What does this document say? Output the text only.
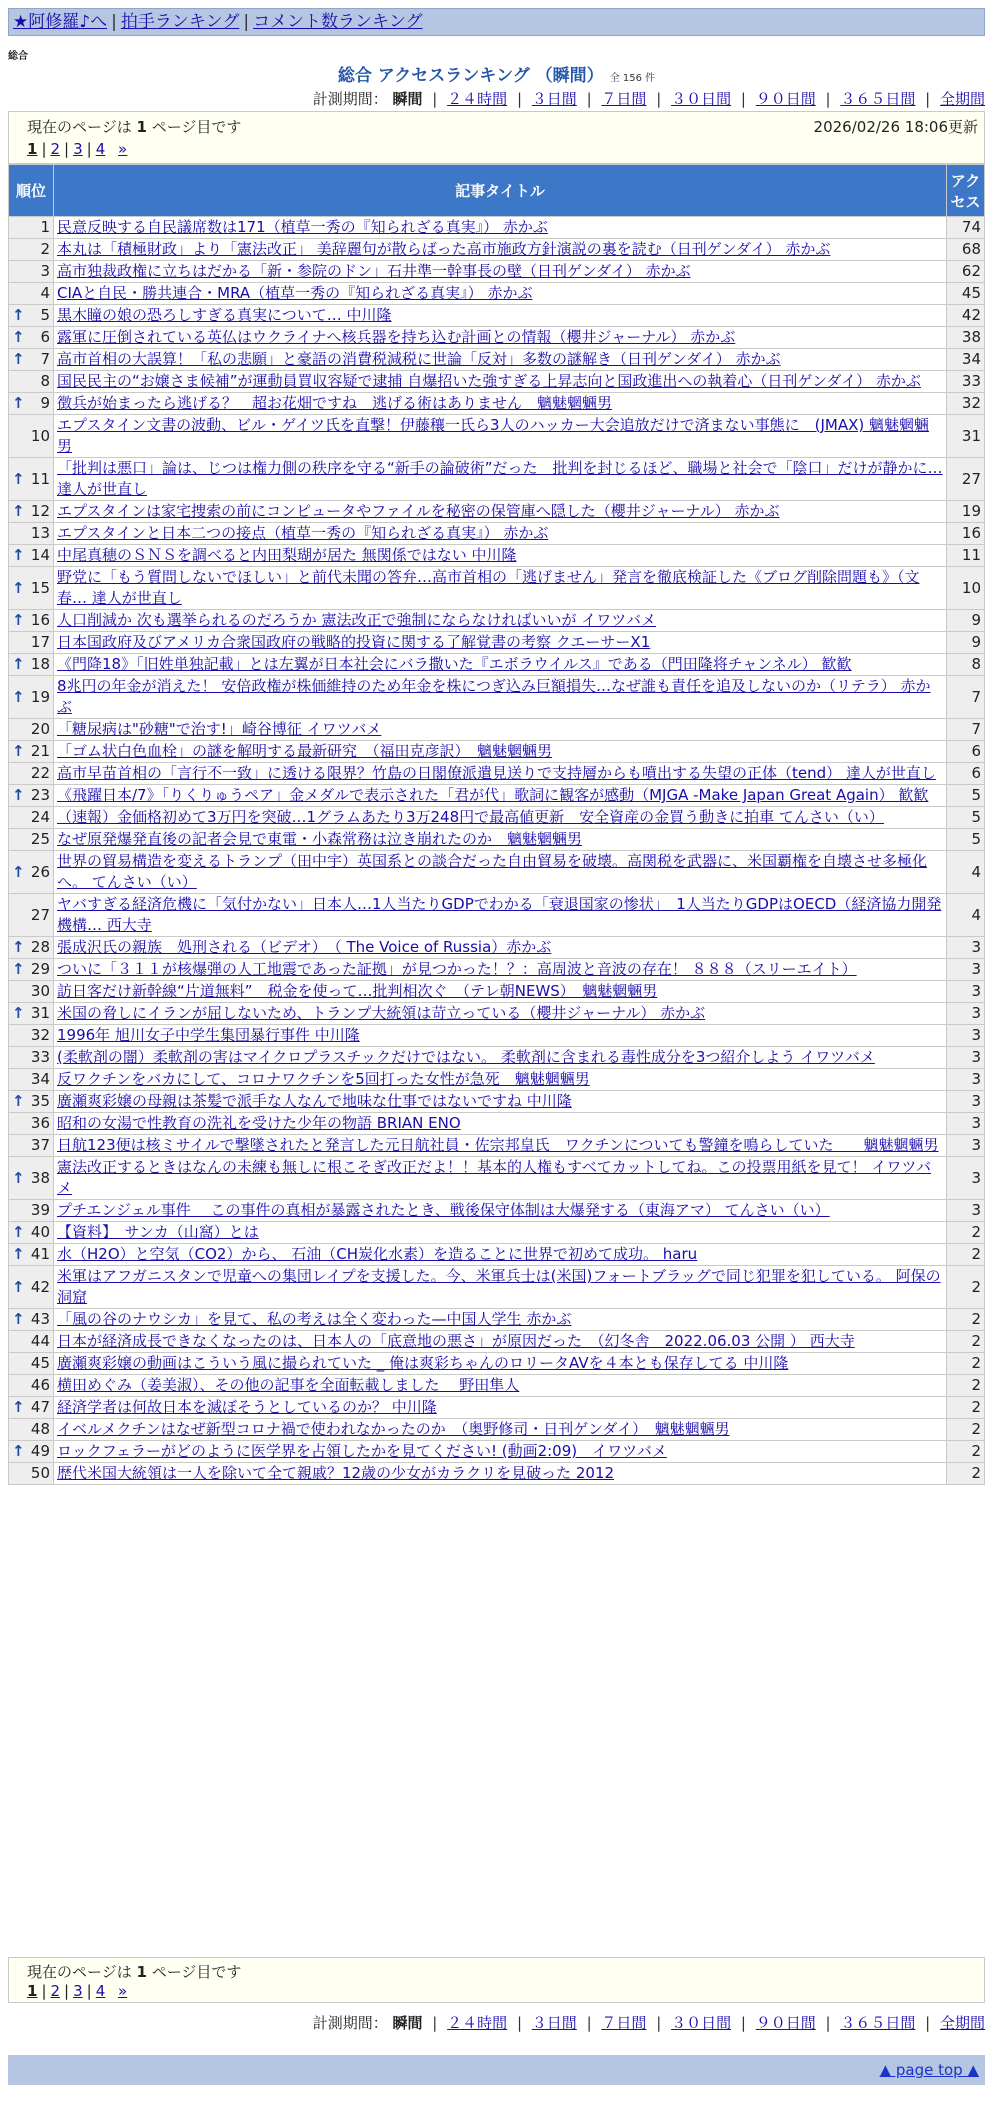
★阿修羅♪へ | 拍手ランキング | コメント数ランキング
総合
総合 アクセスランキング （瞬間） 全 156 件
計測期間： 瞬間 | ２４時間 | ３日間 | ７日間 | ３０日間 | ９０日間 | ３６５日間 | 全期間
現在のページは 1 ページ目です	2026/02/26 18:06更新
1 | 2 | 3 | 4 »
順位	記事タイトル	アクセス
1	民意反映する自民議席数は171（植草一秀の『知られざる真実』） 赤かぶ	74
2	本丸は「積極財政」より「憲法改正」 美辞麗句が散らばった高市施政方針演説の裏を読む（日刊ゲンダイ） 赤かぶ	68
3	高市独裁政権に立ちはだかる「新・参院のドン」石井準一幹事長の壁（日刊ゲンダイ） 赤かぶ	62
4	CIAと自民・勝共連合・MRA（植草一秀の『知られざる真実』） 赤かぶ	45

↑ 5	黒木瞳の娘の恐ろしすぎる真実について… 中川隆	42

↑ 6	露軍に圧倒されている英仏はウクライナへ核兵器を持ち込む計画との情報（櫻井ジャーナル） 赤かぶ	38

↑ 7	高市首相の大誤算！「私の悲願」と豪語の消費税減税に世論「反対」多数の謎解き（日刊ゲンダイ） 赤かぶ	34
8	国民民主の“お嬢さま候補”が運動員買収容疑で逮捕 自爆招いた強すぎる上昇志向と国政進出への執着心（日刊ゲンダイ） 赤かぶ	33

↑ 9	徴兵が始まったら逃げる？　超お花畑ですね　逃げる術はありません　魑魅魍魎男	32
10	エプスタイン文書の波動、ビル・ゲイツ氏を直撃！伊藤穰一氏ら3人のハッカー大会追放だけで済まない事態に　(JMAX) 魑魅魍魎男	31

↑ 11	「批判は悪口」論は、じつは権力側の秩序を守る“新手の論破術”だった　批判を封じるほど、職場と社会で「陰口」だけが静かに… 達人が世直し	27

↑ 12	エプスタインは家宅捜索の前にコンピュータやファイルを秘密の保管庫へ隠した（櫻井ジャーナル） 赤かぶ	19
13	エプスタインと日本二つの接点（植草一秀の『知られざる真実』） 赤かぶ	16

↑ 14	中尾真穂のＳＮＳを調べると内田梨瑚が居た 無関係ではない 中川隆	11

↑ 15	野党に「もう質問しないでほしい」と前代未聞の答弁…高市首相の「逃げません」発言を徹底検証した《ブログ削除問題も》（文春… 達人が世直し	10

↑ 16	人口削減か 次も選挙られるのだろうか 憲法改正で強制にならなければいいが イワツバメ	9
17	日本国政府及びアメリカ合衆国政府の戦略的投資に関する了解覚書の考察 クエーサーX1	9

↑ 18	《門降18》「旧姓単独記載」とは左翼が日本社会にバラ撒いた『エボラウイルス』である（門田隆将チャンネル） 歓歓	8

↑ 19	8兆円の年金が消えた！ 安倍政権が株価維持のため年金を株につぎ込み巨額損失…なぜ誰も責任を追及しないのか（リテラ） 赤かぶ	7
20	「糖尿病は"砂糖"で治す!」崎谷博征 イワツバメ	7

↑ 21	「ゴム状白色血栓」の謎を解明する最新研究　（福田克彦訳）　魑魅魍魎男	6
22	高市早苗首相の「言行不一致」に透ける限界？竹島の日閣僚派遣見送りで支持層からも噴出する失望の正体（tend） 達人が世直し	6

↑ 23	《飛躍日本/7》「りくりゅうペア」金メダルで表示された「君が代」歌詞に観客が感動（MJGA -Make Japan Great Again） 歓歓	5
24	（速報）金価格初めて3万円を突破…1グラムあたり3万248円で最高値更新　安全資産の金買う動きに拍車 てんさい（い）	5
25	なぜ原発爆発直後の記者会見で東電・小森常務は泣き崩れたのか　魑魅魍魎男	5

↑ 26	世界の貿易構造を変えるトランプ（田中宇）英国系との談合だった自由貿易を破壊。高関税を武器に、米国覇権を自壊させ多極化へ。 てんさい（い）	4
27	ヤバすぎる経済危機に「気付かない」日本人…1人当たりGDPでわかる「衰退国家の惨状」　1人当たりGDPはOECD（経済協力開発機構… 西大寺	4

↑ 28	張成沢氏の親族　処刑される（ビデオ）　（ The Voice of Russia）赤かぶ	3

↑ 29	ついに「３１１が核爆弾の人工地震であった証拠」が見つかった！？：高周波と音波の存在！ ８８８（スリーエイト）	3
30	訪日客だけ新幹線“片道無料”　税金を使って…批判相次ぐ　（テレ朝NEWS）　魑魅魍魎男	3

↑ 31	米国の脅しにイランが屈しないため、トランプ大統領は苛立っている（櫻井ジャーナル） 赤かぶ	3
32	1996年 旭川女子中学生集団暴行事件 中川隆	3
33	(柔軟剤の闇）柔軟剤の害はマイクロプラスチックだけではない。 柔軟剤に含まれる毒性成分を3つ紹介しよう イワツバメ	3
34	反ワクチンをバカにして、コロナワクチンを5回打った女性が急死　魑魅魍魎男	3

↑ 35	廣瀬爽彩嬢の母親は茶髪で派手な人なんで地味な仕事ではないですね 中川隆	3
36	昭和の女湯で性教育の洗礼を受けた少年の物語 BRIAN ENO	3
37	日航123便は核ミサイルで撃墜されたと発言した元日航社員・佐宗邦皇氏　ワクチンについても警鐘を鳴らしていた　　魑魅魍魎男	3

↑ 38	憲法改正するときはなんの未練も無しに根こそぎ改正だよ！！基本的人権もすべてカットしてね。この投票用紙を見て！ イワツバメ	3
39	プチエンジェル事件　 この事件の真相が暴露されたとき、戦後保守体制は大爆発する（東海アマ） てんさい（い）	3

↑ 40	【資料】　サンカ（山窩）とは	2

↑ 41	水（H2O）と空気（CO2）から、 石油（CH炭化水素）を造ることに世界で初めて成功。 haru	2

↑ 42	米軍はアフガニスタンで児童への集団レイプを支援した。今、米軍兵士は(米国)フォートブラッグで同じ犯罪を犯している。 阿保の洞窟	2

↑ 43	「風の谷のナウシカ」を見て、私の考えは全く変わった—中国人学生 赤かぶ	2
44	日本が経済成長できなくなったのは、日本人の「底意地の悪さ」が原因だった　（幻冬舎　2022.06.03 公開 ） 西大寺	2
45	廣瀬爽彩嬢の動画はこういう風に撮られていた _ 俺は爽彩ちゃんのロリータAVを４本とも保存してる 中川隆	2
46	横田めぐみ（姜美淑）、その他の記事を全面転載しました　 野田隼人	2

↑ 47	経済学者は何故日本を滅ぼそうとしているのか？ 中川隆	2
48	イベルメクチンはなぜ新型コロナ禍で使われなかったのか　（奥野修司・日刊ゲンダイ）　魑魅魍魎男	2

↑ 49	ロックフェラーがどのように医学界を占領したかを見てください! (動画2:09)　イワツバメ	2
50	歴代米国大統領は一人を除いて全て親戚？12歳の少女がカラクリを見破った 2012	2
現在のページは 1 ページ目です
1 | 2 | 3 | 4 »
計測期間： 瞬間 | ２４時間 | ３日間 | ７日間 | ３０日間 | ９０日間 | ３６５日間 | 全期間
▲ page top ▲
